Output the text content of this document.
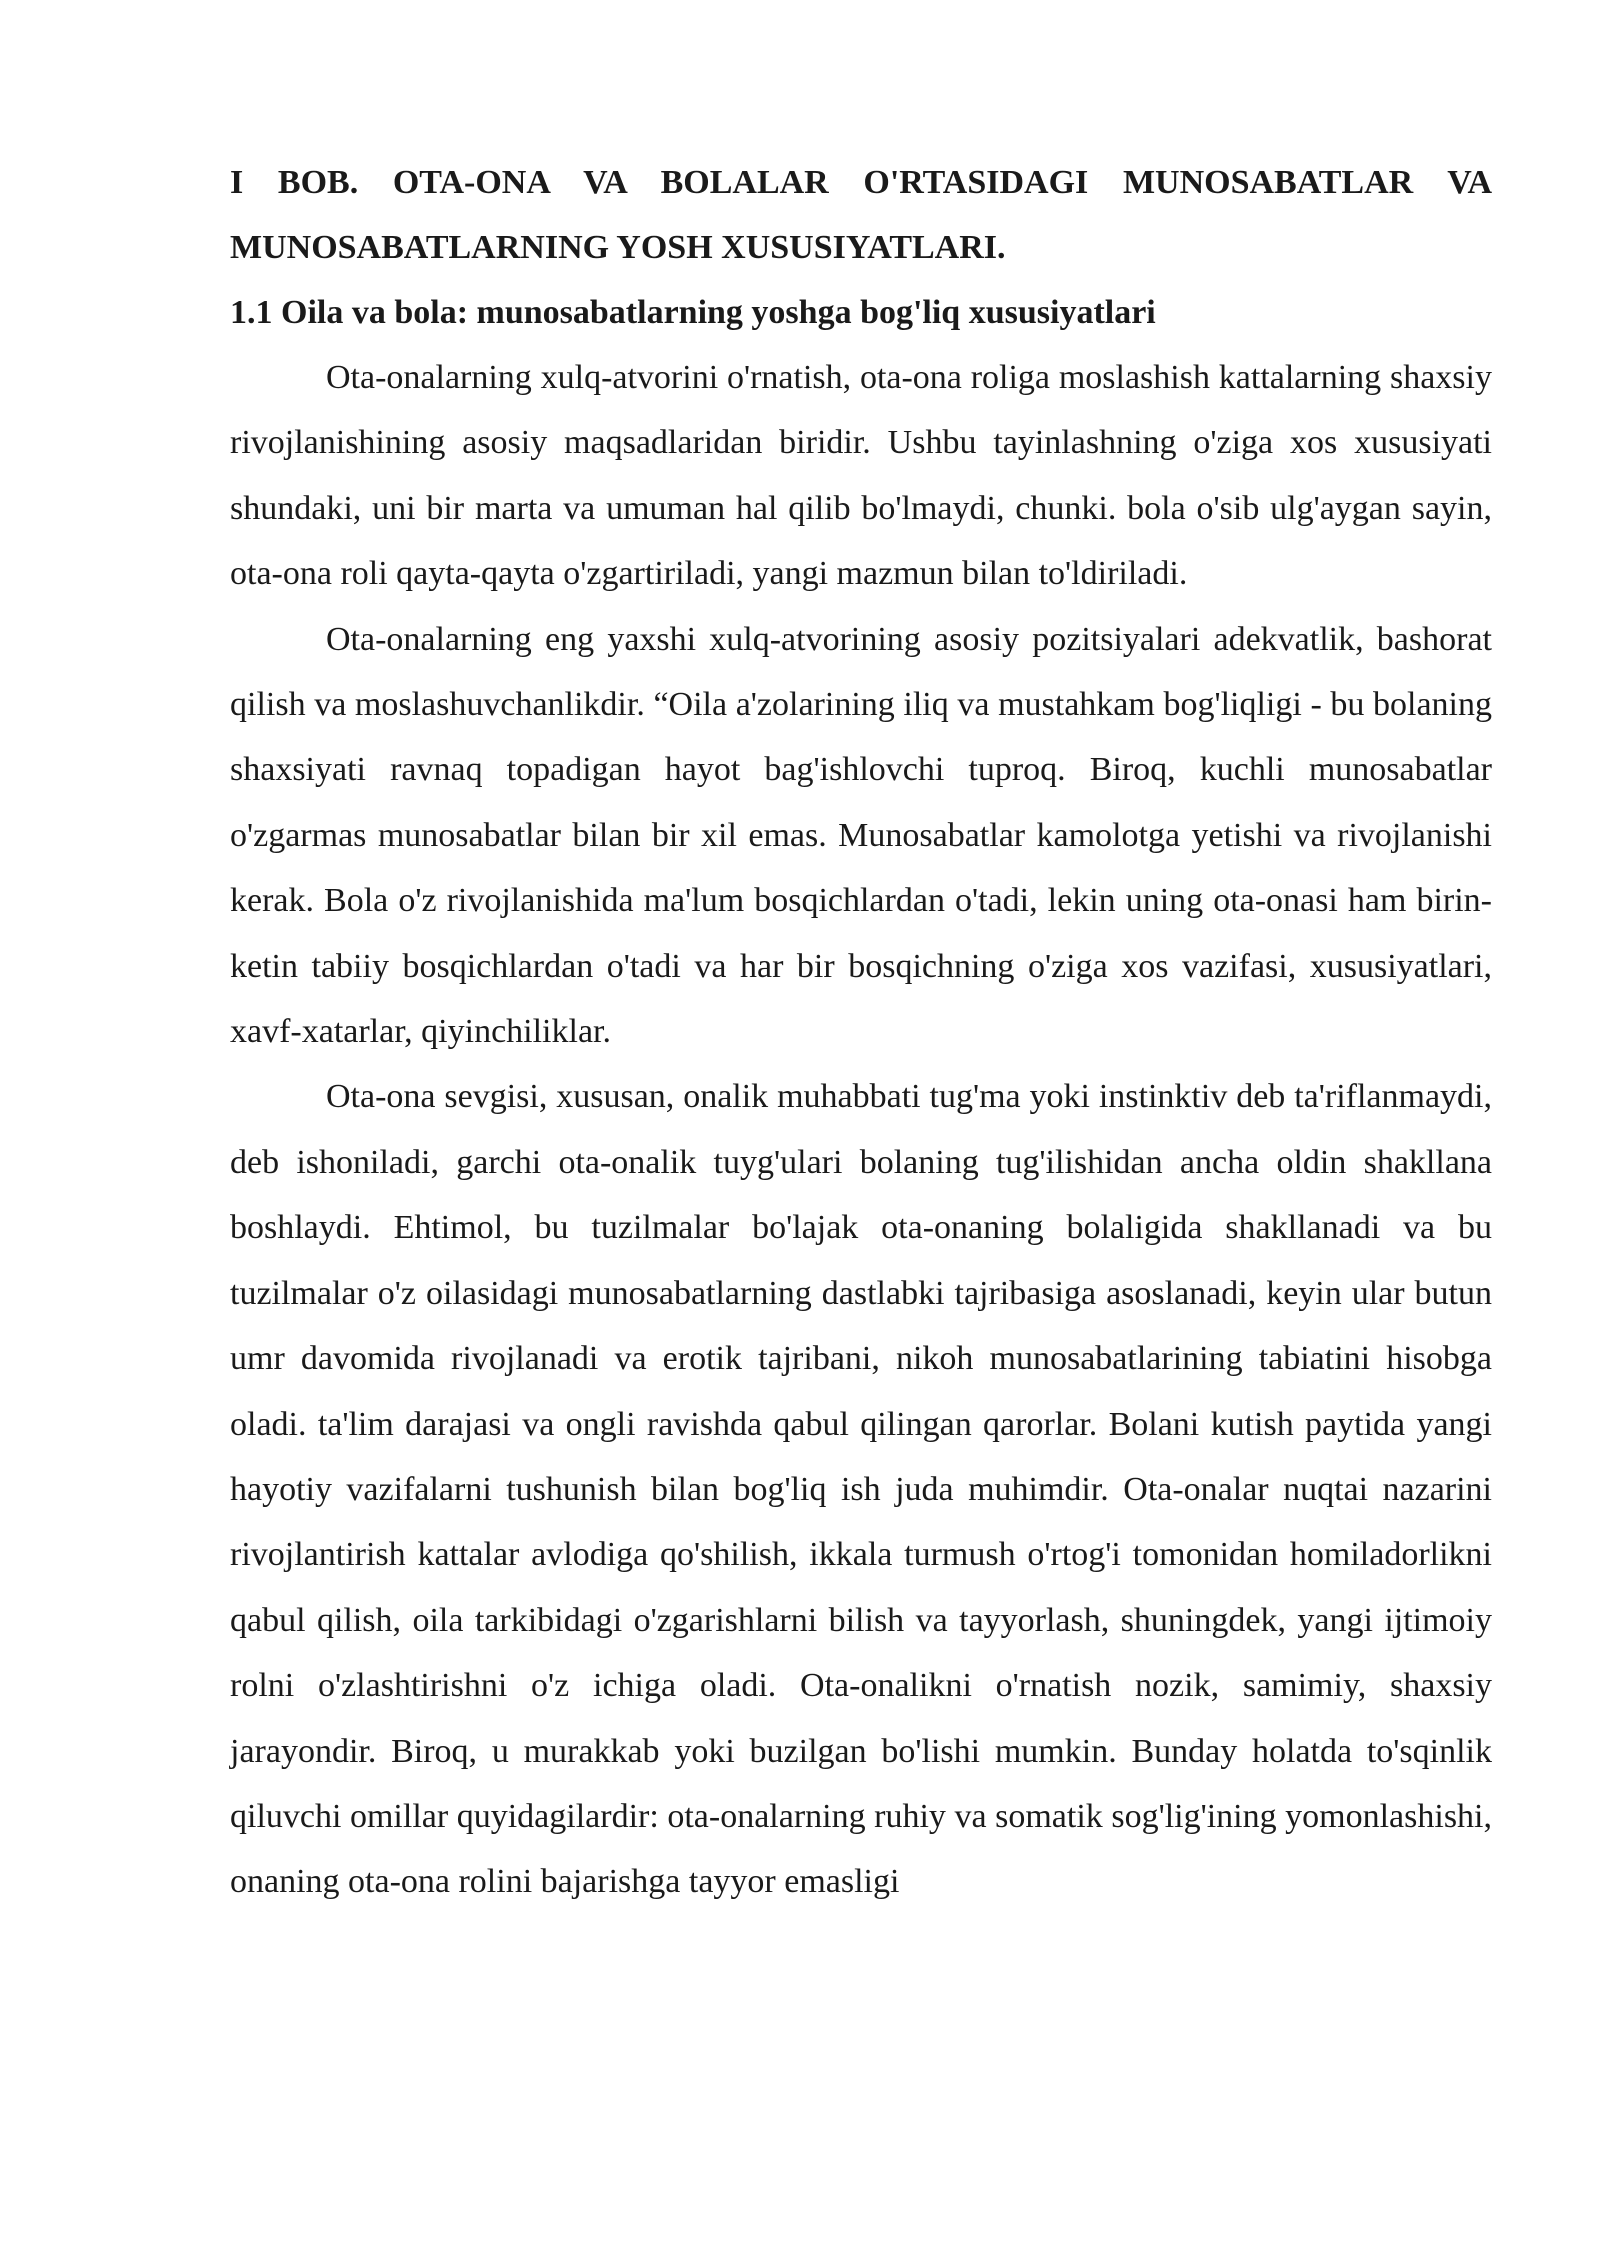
I BOB. OTA-ONA VA BOLALAR O'RTASIDAGI MUNOSABATLAR VA MUNOSABATLARNING YOSH XUSUSIYATLARI.
1.1 Oila va bola: munosabatlarning yoshga bog'liq xususiyatlari

Ota-onalarning xulq-atvorini o'rnatish, ota-ona roliga moslashish kattalarning shaxsiy rivojlanishining asosiy maqsadlaridan biridir. Ushbu tayinlashning o'ziga xos xususiyati shundaki, uni bir marta va umuman hal qilib bo'lmaydi, chunki. bola o'sib ulg'aygan sayin, ota-ona roli qayta-qayta o'zgartiriladi, yangi mazmun bilan to'ldiriladi.

Ota-onalarning eng yaxshi xulq-atvorining asosiy pozitsiyalari adekvatlik, bashorat qilish va moslashuvchanlikdir. “Oila a'zolarining iliq va mustahkam bog'liqligi - bu bolaning shaxsiyati ravnaq topadigan hayot bag'ishlovchi tuproq. Biroq, kuchli munosabatlar o'zgarmas munosabatlar bilan bir xil emas. Munosabatlar kamolotga yetishi va rivojlanishi kerak. Bola o'z rivojlanishida ma'lum bosqichlardan o'tadi, lekin uning ota-onasi ham birin-ketin tabiiy bosqichlardan o'tadi va har bir bosqichning o'ziga xos vazifasi, xususiyatlari, xavf-xatarlar, qiyinchiliklar.

Ota-ona sevgisi, xususan, onalik muhabbati tug'ma yoki instinktiv deb ta'riflanmaydi, deb ishoniladi, garchi ota-onalik tuyg'ulari bolaning tug'ilishidan ancha oldin shakllana boshlaydi. Ehtimol, bu tuzilmalar bo'lajak ota-onaning bolaligida shakllanadi va bu tuzilmalar o'z oilasidagi munosabatlarning dastlabki tajribasiga asoslanadi, keyin ular butun umr davomida rivojlanadi va erotik tajribani, nikoh munosabatlarining tabiatini hisobga oladi. ta'lim darajasi va ongli ravishda qabul qilingan qarorlar. Bolani kutish paytida yangi hayotiy vazifalarni tushunish bilan bog'liq ish juda muhimdir. Ota-onalar nuqtai nazarini rivojlantirish kattalar avlodiga qo'shilish, ikkala turmush o'rtog'i tomonidan homiladorlikni qabul qilish, oila tarkibidagi o'zgarishlarni bilish va tayyorlash, shuningdek, yangi ijtimoiy rolni o'zlashtirishni o'z ichiga oladi. Ota-onalikni o'rnatish nozik, samimiy, shaxsiy jarayondir. Biroq, u murakkab yoki buzilgan bo'lishi mumkin. Bunday holatda to'sqinlik qiluvchi omillar quyidagilardir: ota-onalarning ruhiy va somatik sog'lig'ining yomonlashishi, onaning ota-ona rolini bajarishga tayyor emasligi
